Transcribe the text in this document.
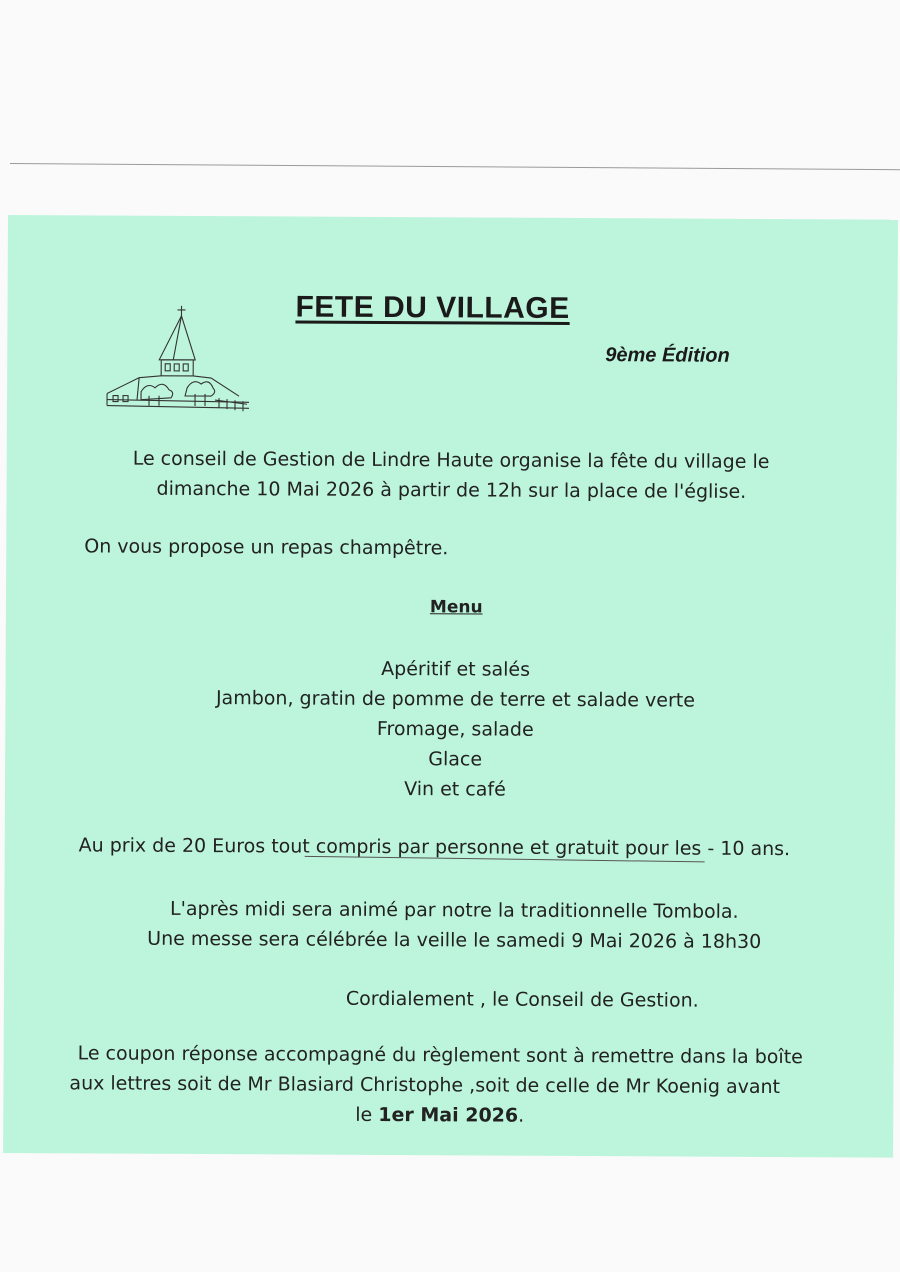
FETE DU VILLAGE
9ème Édition
Le conseil de Gestion de Lindre Haute organise la fête du village le
dimanche 10 Mai 2026 à partir de 12h sur la place de l'église.
On vous propose un repas champêtre.
Menu
Apéritif et salés
Jambon, gratin de pomme de terre et salade verte
Fromage, salade
Glace
Vin et café
Au prix de 20 Euros tout compris par personne et gratuit pour les - 10 ans.
L'après midi sera animé par notre la traditionnelle Tombola.
Une messe sera célébrée la veille le samedi 9 Mai 2026 à 18h30
Cordialement , le Conseil de Gestion.
Le coupon réponse accompagné du règlement sont à remettre dans la boîte
aux lettres soit de Mr Blasiard Christophe ,soit de celle de Mr Koenig avant
le 1er Mai 2026.
